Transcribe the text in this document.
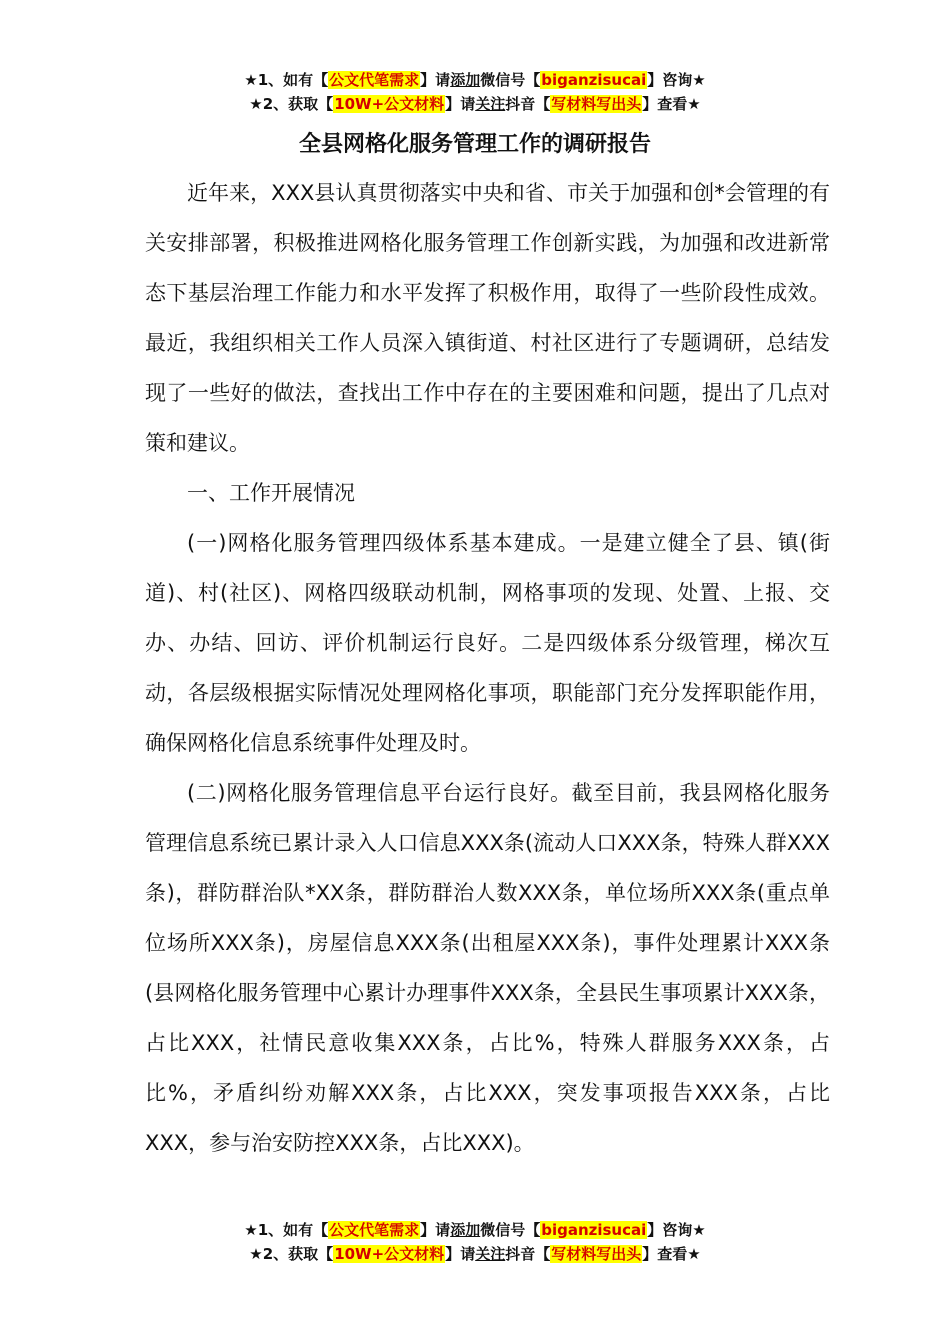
★1、如有【公文代笔需求】请添加微信号【biganzisucai】咨询★
★2、获取【10W+公文材料】请关注抖音【写材料写出头】查看★
全县网格化服务管理工作的调研报告

近年来，XXX县认真贯彻落实中央和省、市关于加强和创*会管理的有关安排部署，积极推进网格化服务管理工作创新实践，为加强和改进新常态下基层治理工作能力和水平发挥了积极作用，取得了一些阶段性成效。最近，我组织相关工作人员深入镇街道、村社区进行了专题调研，总结发现了一些好的做法，查找出工作中存在的主要困难和问题，提出了几点对策和建议。

一、工作开展情况

(一)网格化服务管理四级体系基本建成。一是建立健全了县、镇(街道)、村(社区)、网格四级联动机制，网格事项的发现、处置、上报、交办、办结、回访、评价机制运行良好。二是四级体系分级管理，梯次互动，各层级根据实际情况处理网格化事项，职能部门充分发挥职能作用，确保网格化信息系统事件处理及时。

(二)网格化服务管理信息平台运行良好。截至目前，我县网格化服务管理信息系统已累计录入人口信息XXX条(流动人口XXX条，特殊人群XXX条)，群防群治队*XX条，群防群治人数XXX条，单位场所XXX条(重点单位场所XXX条)，房屋信息XXX条(出租屋XXX条)，事件处理累计XXX条(县网格化服务管理中心累计办理事件XXX条，全县民生事项累计XXX条，占比XXX，社情民意收集XXX条，占比%，特殊人群服务XXX条，占比%，矛盾纠纷劝解XXX条，占比XXX，突发事项报告XXX条，占比XXX，参与治安防控XXX条，占比XXX)。

★1、如有【公文代笔需求】请添加微信号【biganzisucai】咨询★
★2、获取【10W+公文材料】请关注抖音【写材料写出头】查看★
